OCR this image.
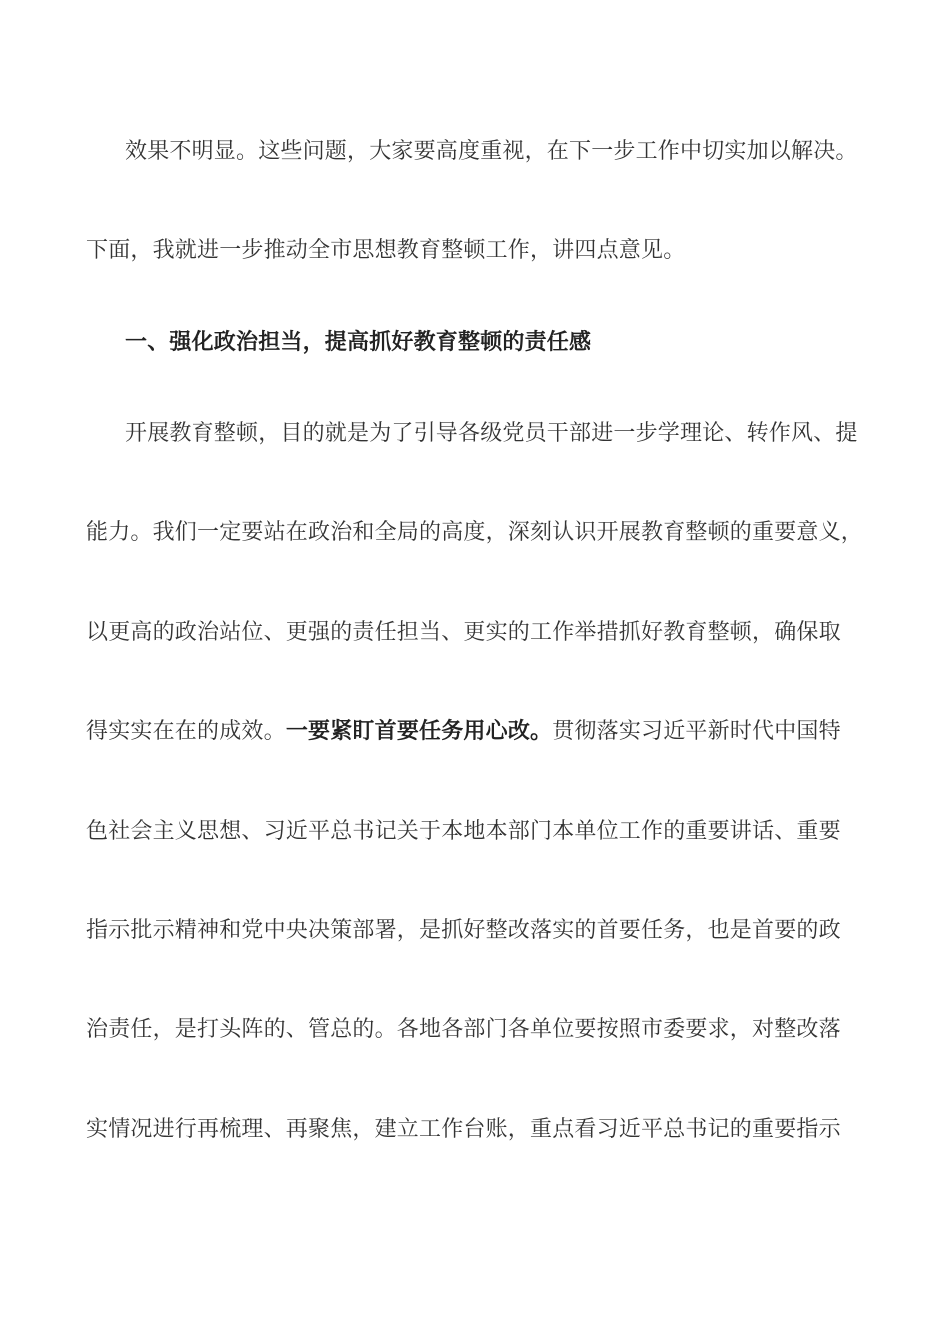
效果不明显。这些问题，大家要高度重视，在下一步工作中切实加以解决。
下面，我就进一步推动全市思想教育整顿工作，讲四点意见。
一、强化政治担当，提高抓好教育整顿的责任感
开展教育整顿，目的就是为了引导各级党员干部进一步学理论、转作风、提
能力。我们一定要站在政治和全局的高度，深刻认识开展教育整顿的重要意义，
以更高的政治站位、更强的责任担当、更实的工作举措抓好教育整顿，确保取
得实实在在的成效。一要紧盯首要任务用心改。贯彻落实习近平新时代中国特
色社会主义思想、习近平总书记关于本地本部门本单位工作的重要讲话、重要
指示批示精神和党中央决策部署，是抓好整改落实的首要任务，也是首要的政
治责任，是打头阵的、管总的。各地各部门各单位要按照市委要求，对整改落
实情况进行再梳理、再聚焦，建立工作台账，重点看习近平总书记的重要指示
